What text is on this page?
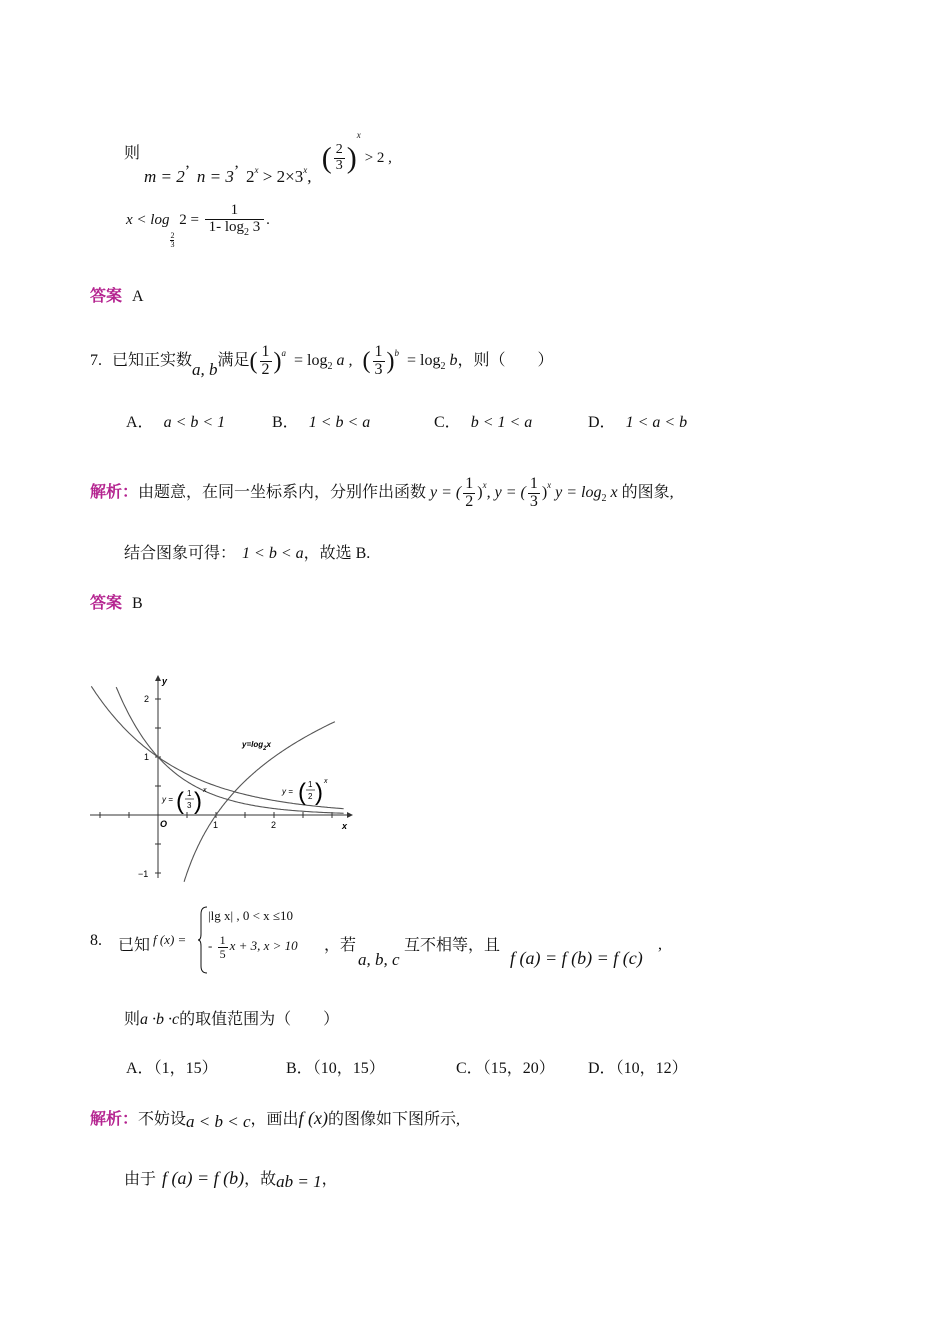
则 m = 2’ n = 3’ $2^x > 2\times 3^x$, ( $\frac{2}{3} )^x > 2$ ,
x < log
$\frac{2}{3}$
$2 = \frac{1}{1- \log_2 3}$ .
答案 A
7. 已知正实数a, b满足( $\frac{1}{2} )^a = \log_2 a$ , ( $\frac{1}{3} )^b = \log_2 b$，则（　　）
A． a < b < 1	B． 1 < b < a	C． b < 1 < a	D． 1 < a < b
解析：由题意，在同一坐标系内，分别作出函数 y = ( $\frac{1}{2} )^x$, y = ( $\frac{1}{3} )^x$ $y = \log_2 x$ 的图象,
结合图象可得： 1 < b < a，故选 B.
答案 B
y
x
O	1	2
2
1
−1
$y=\log_2x$
y = ( 1
2 ) x
y = ( 1
3 ) x
8. 已知 f (x) =
|lg x| , 0 < x ≤10
- $\frac{1}{5}$ x + 3, x > 10 ，若
a, b, c
互不相等，且
f (a) = f (b) = f (c)
,
则a ·b ·c的取值范围为（　　）
A．（1，15）	B．（10，15）	C．（15，20） D．（10，12）
解析：不妨设a < b < c，画出f (x)的图像如下图所示,
由于 f (a) = f (b)，故ab = 1，
